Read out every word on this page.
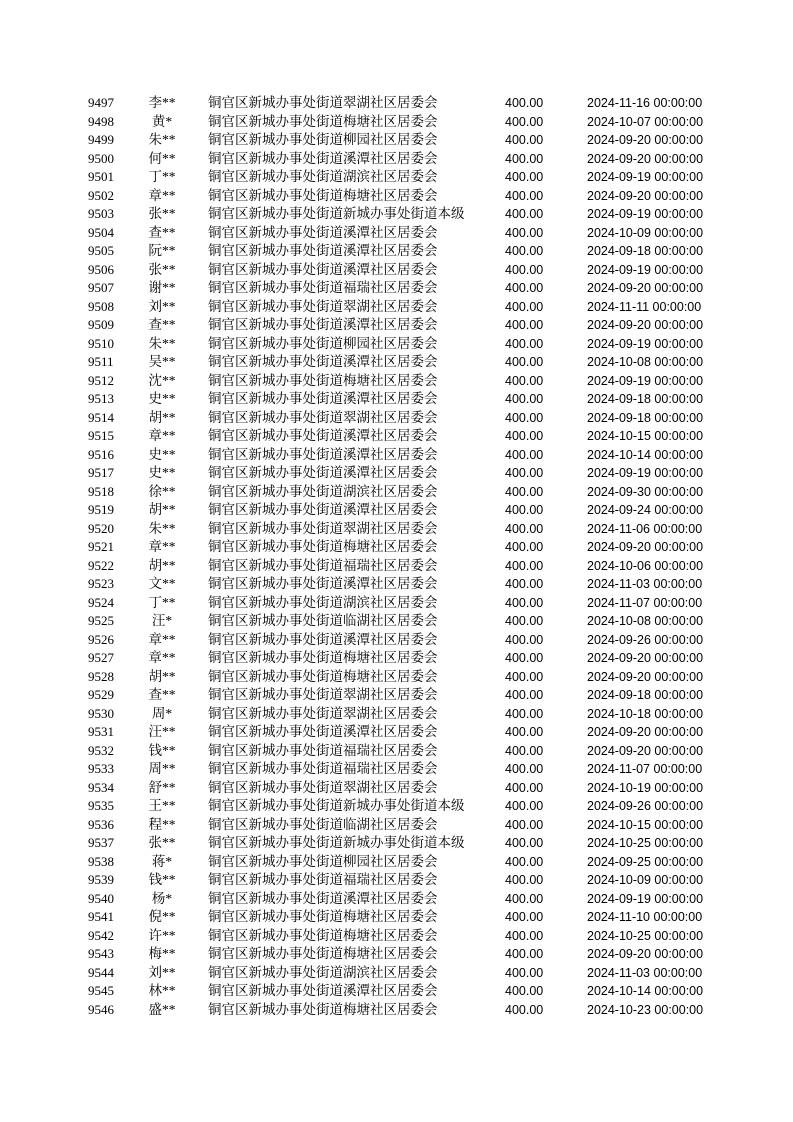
9497	李**	铜官区新城办事处街道翠湖社区居委会	400.00	2024-11-16 00:00:00
9498	黄*	铜官区新城办事处街道梅塘社区居委会	400.00	2024-10-07 00:00:00
9499	朱**	铜官区新城办事处街道柳园社区居委会	400.00	2024-09-20 00:00:00
9500	何**	铜官区新城办事处街道溪潭社区居委会	400.00	2024-09-20 00:00:00
9501	丁**	铜官区新城办事处街道湖滨社区居委会	400.00	2024-09-19 00:00:00
9502	章**	铜官区新城办事处街道梅塘社区居委会	400.00	2024-09-20 00:00:00
9503	张**	铜官区新城办事处街道新城办事处街道本级	400.00	2024-09-19 00:00:00
9504	查**	铜官区新城办事处街道溪潭社区居委会	400.00	2024-10-09 00:00:00
9505	阮**	铜官区新城办事处街道溪潭社区居委会	400.00	2024-09-18 00:00:00
9506	张**	铜官区新城办事处街道溪潭社区居委会	400.00	2024-09-19 00:00:00
9507	谢**	铜官区新城办事处街道福瑞社区居委会	400.00	2024-09-20 00:00:00
9508	刘**	铜官区新城办事处街道翠湖社区居委会	400.00	2024-11-11 00:00:00
9509	查**	铜官区新城办事处街道溪潭社区居委会	400.00	2024-09-20 00:00:00
9510	朱**	铜官区新城办事处街道柳园社区居委会	400.00	2024-09-19 00:00:00
9511	吴**	铜官区新城办事处街道溪潭社区居委会	400.00	2024-10-08 00:00:00
9512	沈**	铜官区新城办事处街道梅塘社区居委会	400.00	2024-09-19 00:00:00
9513	史**	铜官区新城办事处街道溪潭社区居委会	400.00	2024-09-18 00:00:00
9514	胡**	铜官区新城办事处街道翠湖社区居委会	400.00	2024-09-18 00:00:00
9515	章**	铜官区新城办事处街道溪潭社区居委会	400.00	2024-10-15 00:00:00
9516	史**	铜官区新城办事处街道溪潭社区居委会	400.00	2024-10-14 00:00:00
9517	史**	铜官区新城办事处街道溪潭社区居委会	400.00	2024-09-19 00:00:00
9518	徐**	铜官区新城办事处街道湖滨社区居委会	400.00	2024-09-30 00:00:00
9519	胡**	铜官区新城办事处街道溪潭社区居委会	400.00	2024-09-24 00:00:00
9520	朱**	铜官区新城办事处街道翠湖社区居委会	400.00	2024-11-06 00:00:00
9521	章**	铜官区新城办事处街道梅塘社区居委会	400.00	2024-09-20 00:00:00
9522	胡**	铜官区新城办事处街道福瑞社区居委会	400.00	2024-10-06 00:00:00
9523	文**	铜官区新城办事处街道溪潭社区居委会	400.00	2024-11-03 00:00:00
9524	丁**	铜官区新城办事处街道湖滨社区居委会	400.00	2024-11-07 00:00:00
9525	汪*	铜官区新城办事处街道临湖社区居委会	400.00	2024-10-08 00:00:00
9526	章**	铜官区新城办事处街道溪潭社区居委会	400.00	2024-09-26 00:00:00
9527	章**	铜官区新城办事处街道梅塘社区居委会	400.00	2024-09-20 00:00:00
9528	胡**	铜官区新城办事处街道梅塘社区居委会	400.00	2024-09-20 00:00:00
9529	查**	铜官区新城办事处街道翠湖社区居委会	400.00	2024-09-18 00:00:00
9530	周*	铜官区新城办事处街道翠湖社区居委会	400.00	2024-10-18 00:00:00
9531	汪**	铜官区新城办事处街道溪潭社区居委会	400.00	2024-09-20 00:00:00
9532	钱**	铜官区新城办事处街道福瑞社区居委会	400.00	2024-09-20 00:00:00
9533	周**	铜官区新城办事处街道福瑞社区居委会	400.00	2024-11-07 00:00:00
9534	舒**	铜官区新城办事处街道翠湖社区居委会	400.00	2024-10-19 00:00:00
9535	王**	铜官区新城办事处街道新城办事处街道本级	400.00	2024-09-26 00:00:00
9536	程**	铜官区新城办事处街道临湖社区居委会	400.00	2024-10-15 00:00:00
9537	张**	铜官区新城办事处街道新城办事处街道本级	400.00	2024-10-25 00:00:00
9538	蒋*	铜官区新城办事处街道柳园社区居委会	400.00	2024-09-25 00:00:00
9539	钱**	铜官区新城办事处街道福瑞社区居委会	400.00	2024-10-09 00:00:00
9540	杨*	铜官区新城办事处街道溪潭社区居委会	400.00	2024-09-19 00:00:00
9541	倪**	铜官区新城办事处街道梅塘社区居委会	400.00	2024-11-10 00:00:00
9542	许**	铜官区新城办事处街道梅塘社区居委会	400.00	2024-10-25 00:00:00
9543	梅**	铜官区新城办事处街道梅塘社区居委会	400.00	2024-09-20 00:00:00
9544	刘**	铜官区新城办事处街道湖滨社区居委会	400.00	2024-11-03 00:00:00
9545	林**	铜官区新城办事处街道溪潭社区居委会	400.00	2024-10-14 00:00:00
9546	盛**	铜官区新城办事处街道梅塘社区居委会	400.00	2024-10-23 00:00:00
